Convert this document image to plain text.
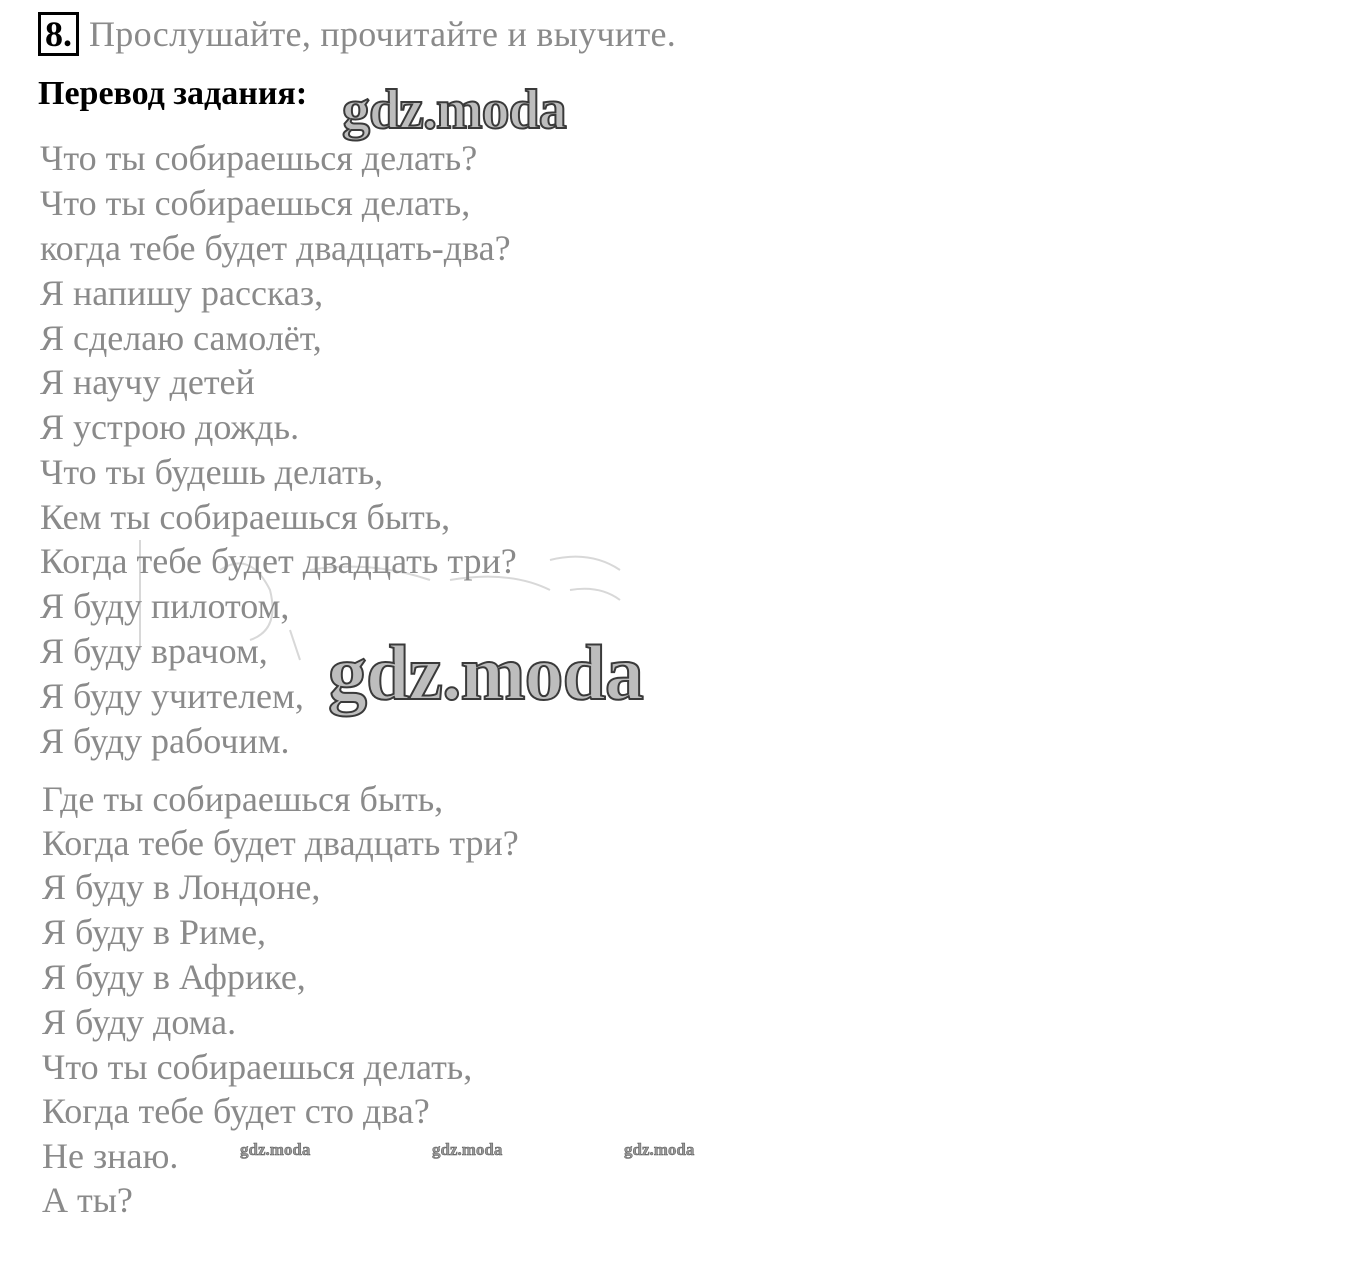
8. Прослушайте, прочитайте и выучите.
Перевод задания:
Что ты собираешься делать?
Что ты собираешься делать,
когда тебе будет двадцать-два?
Я напишу рассказ,
Я сделаю самолёт,
Я научу детей
Я устрою дождь.
Что ты будешь делать,
Кем ты собираешься быть,
Когда тебе будет двадцать три?
Я буду пилотом,
Я буду врачом,
Я буду учителем,
Я буду рабочим.
Где ты собираешься быть,
Когда тебе будет двадцать три?
Я буду в Лондоне,
Я буду в Риме,
Я буду в Африке,
Я буду дома.
Что ты собираешься делать,
Когда тебе будет сто два?
Не знаю.
А ты?
gdz.moda
gdz.moda
gdz.moda	gdz.moda	gdz.moda
